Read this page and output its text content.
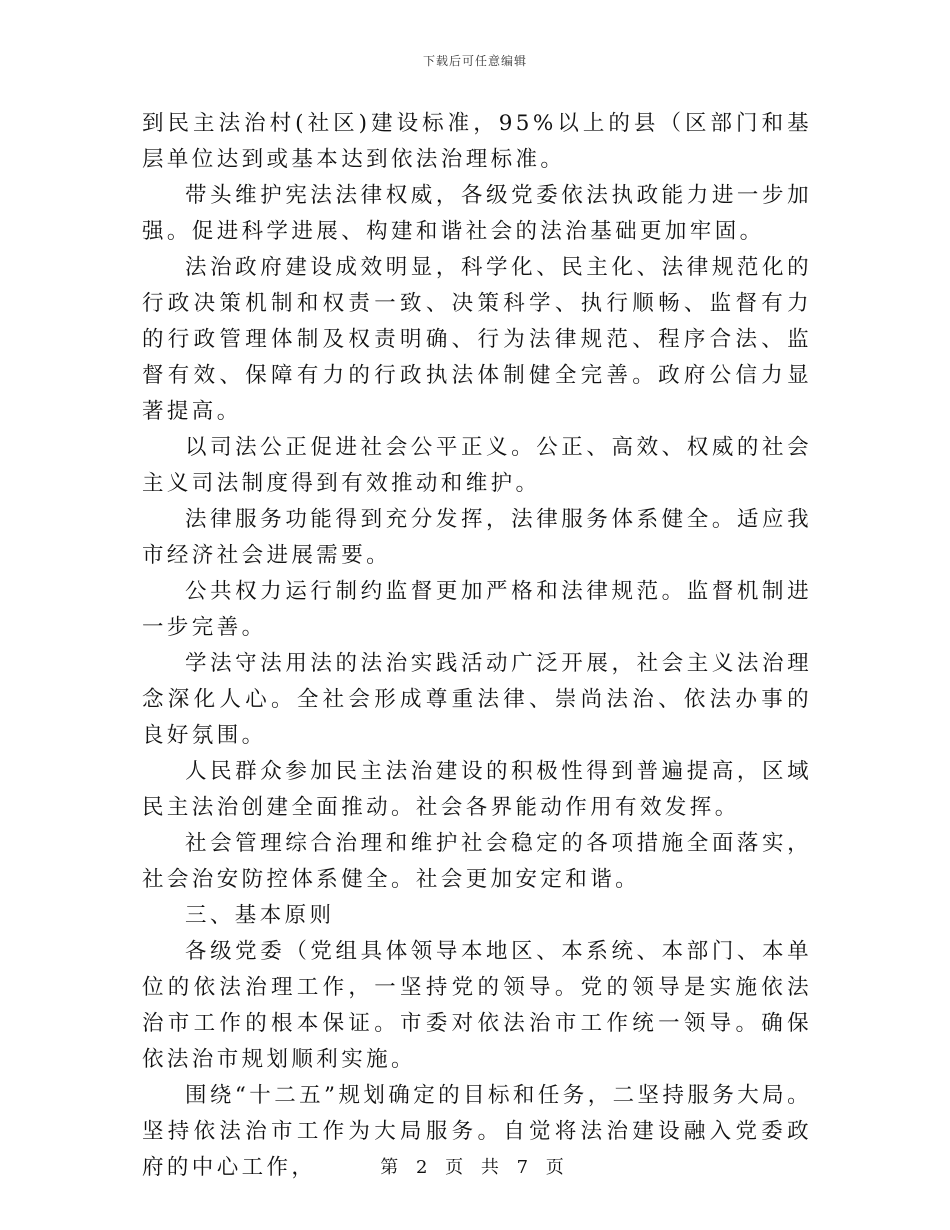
下载后可任意编辑

到民主法治村(社区)建设标准，95%以上的县（区部门和基层单位达到或基本达到依法治理标准。

带头维护宪法法律权威，各级党委依法执政能力进一步加强。促进科学进展、构建和谐社会的法治基础更加牢固。

法治政府建设成效明显，科学化、民主化、法律规范化的行政决策机制和权责一致、决策科学、执行顺畅、监督有力的行政管理体制及权责明确、行为法律规范、程序合法、监督有效、保障有力的行政执法体制健全完善。政府公信力显著提高。

以司法公正促进社会公平正义。公正、高效、权威的社会主义司法制度得到有效推动和维护。

法律服务功能得到充分发挥，法律服务体系健全。适应我市经济社会进展需要。

公共权力运行制约监督更加严格和法律规范。监督机制进一步完善。

学法守法用法的法治实践活动广泛开展，社会主义法治理念深化人心。全社会形成尊重法律、崇尚法治、依法办事的良好氛围。

人民群众参加民主法治建设的积极性得到普遍提高，区域民主法治创建全面推动。社会各界能动作用有效发挥。

社会管理综合治理和维护社会稳定的各项措施全面落实，社会治安防控体系健全。社会更加安定和谐。

三、基本原则

各级党委（党组具体领导本地区、本系统、本部门、本单位的依法治理工作，一坚持党的领导。党的领导是实施依法治市工作的根本保证。市委对依法治市工作统一领导。确保依法治市规划顺利实施。

围绕“十二五”规划确定的目标和任务，二坚持服务大局。坚持依法治市工作为大局服务。自觉将法治建设融入党委政府的中心工作，	第 2 页 共 7 页
